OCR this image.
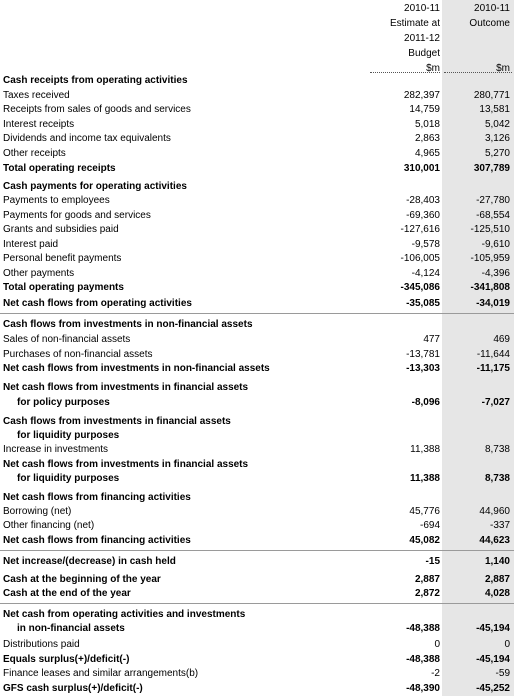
2010-11
Estimate at
2011-12
Budget
$m
2010-11
Outcome
$m
Cash receipts from operating activities
Taxes received	282,397	280,771
Receipts from sales of goods and services	14,759	13,581
Interest receipts	5,018	5,042
Dividends and income tax equivalents	2,863	3,126
Other receipts	4,965	5,270
Total operating receipts	310,001	307,789
Cash payments for operating activities
Payments to employees	-28,403	-27,780
Payments for goods and services	-69,360	-68,554
Grants and subsidies paid	-127,616	-125,510
Interest paid	-9,578	-9,610
Personal benefit payments	-106,005	-105,959
Other payments	-4,124	-4,396
Total operating payments	-345,086	-341,808
Net cash flows from operating activities	-35,085	-34,019
Cash flows from investments in non-financial assets
Sales of non-financial assets	477	469
Purchases of non-financial assets	-13,781	-11,644
Net cash flows from investments in non-financial assets	-13,303	-11,175
Net cash flows from investments in financial assets
for policy purposes	-8,096	-7,027
Cash flows from investments in financial assets
for liquidity purposes
Increase in investments	11,388	8,738
Net cash flows from investments in financial assets
for liquidity purposes	11,388	8,738
Net cash flows from financing activities
Borrowing (net)	45,776	44,960
Other financing (net)	-694	-337
Net cash flows from financing activities	45,082	44,623
Net increase/(decrease) in cash held	-15	1,140
Cash at the beginning of the year	2,887	2,887
Cash at the end of the year	2,872	4,028
Net cash from operating activities and investments
in non-financial assets	-48,388	-45,194
Distributions paid	0	0
Equals surplus(+)/deficit(-)	-48,388	-45,194
Finance leases and similar arrangements(b)	-2	-59
GFS cash surplus(+)/deficit(-)	-48,390	-45,252
